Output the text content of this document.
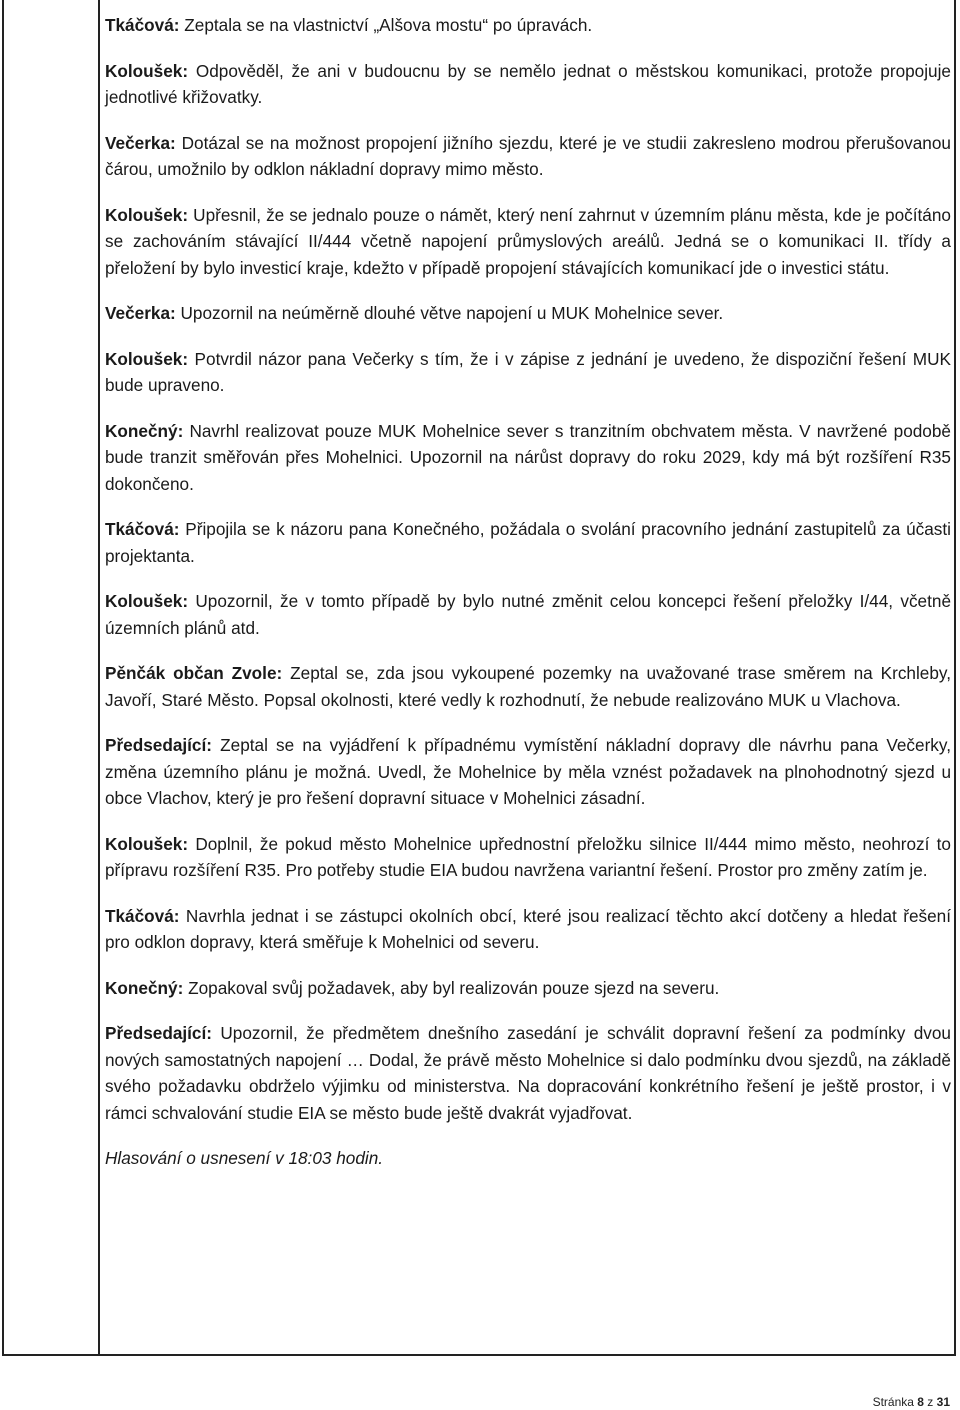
Tkáčová: Zeptala se na vlastnictví „Alšova mostu“ po úpravách.

Koloušek: Odpověděl, že ani v budoucnu by se nemělo jednat o městskou komunikaci, protože propojuje jednotlivé křižovatky.

Večerka: Dotázal se na možnost propojení jižního sjezdu, které je ve studii zakresleno modrou přerušovanou čárou, umožnilo by odklon nákladní dopravy mimo město.

Koloušek: Upřesnil, že se jednalo pouze o námět, který není zahrnut v územním plánu města, kde je počítáno se zachováním stávající II/444 včetně napojení průmyslových areálů. Jedná se o komunikaci II. třídy a přeložení by bylo investicí kraje, kdežto v případě propojení stávajících komunikací jde o investici státu.

Večerka: Upozornil na neúměrně dlouhé větve napojení u MUK Mohelnice sever.

Koloušek: Potvrdil názor pana Večerky s tím, že i v zápise z jednání je uvedeno, že dispoziční řešení MUK bude upraveno.

Konečný: Navrhl realizovat pouze MUK Mohelnice sever s tranzitním obchvatem města. V navržené podobě bude tranzit směřován přes Mohelnici. Upozornil na nárůst dopravy do roku 2029, kdy má být rozšíření R35 dokončeno.

Tkáčová: Připojila se k názoru pana Konečného, požádala o svolání pracovního jednání zastupitelů za účasti projektanta.

Koloušek: Upozornil, že v tomto případě by bylo nutné změnit celou koncepci řešení přeložky I/44, včetně územních plánů atd.

Pěnčák občan Zvole: Zeptal se, zda jsou vykoupené pozemky na uvažované trase směrem na Krchleby, Javoří, Staré Město. Popsal okolnosti, které vedly k rozhodnutí, že nebude realizováno MUK u Vlachova.

Předsedající: Zeptal se na vyjádření k případnému vymístění nákladní dopravy dle návrhu pana Večerky, změna územního plánu je možná. Uvedl, že Mohelnice by měla vznést požadavek na plnohodnotný sjezd u obce Vlachov, který je pro řešení dopravní situace v Mohelnici zásadní.

Koloušek: Doplnil, že pokud město Mohelnice upřednostní přeložku silnice II/444 mimo město, neohrozí to přípravu rozšíření R35. Pro potřeby studie EIA budou navržena variantní řešení. Prostor pro změny zatím je.

Tkáčová: Navrhla jednat i se zástupci okolních obcí, které jsou realizací těchto akcí dotčeny a hledat řešení pro odklon dopravy, která směřuje k Mohelnici od severu.

Konečný: Zopakoval svůj požadavek, aby byl realizován pouze sjezd na severu.

Předsedající: Upozornil, že předmětem dnešního zasedání je schválit dopravní řešení za podmínky dvou nových samostatných napojení … Dodal, že právě město Mohelnice si dalo podmínku dvou sjezdů, na základě svého požadavku obdrželo výjimku od ministerstva. Na dopracování konkrétního řešení je ještě prostor, i v rámci schvalování studie EIA se město bude ještě dvakrát vyjadřovat.

Hlasování o usnesení v 18:03 hodin.

Stránka 8 z 31
